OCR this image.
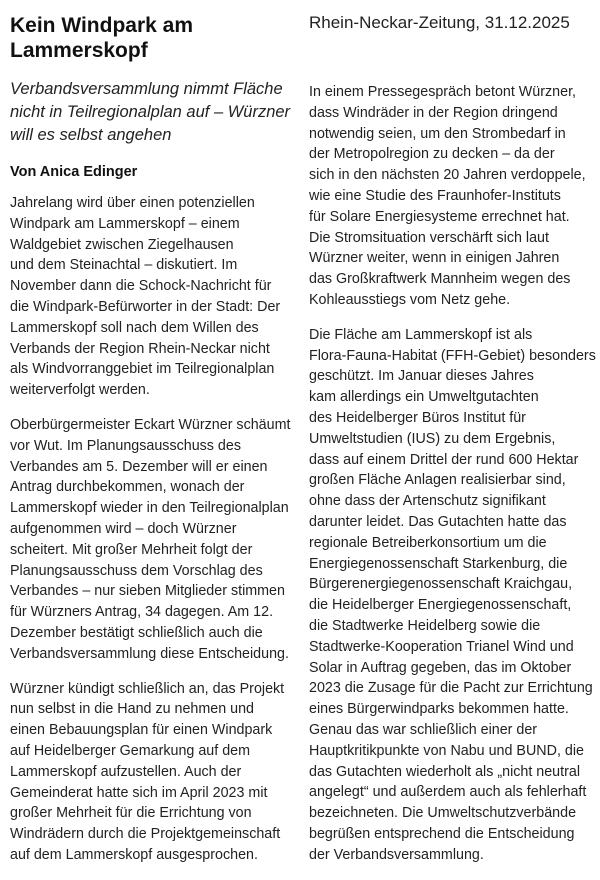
Kein Windpark am
Lammerskopf
Rhein-Neckar-Zeitung, 31.12.2025
Verbandsversammlung nimmt Fläche
nicht in Teilregionalplan auf – Würzner
will es selbst angehen
Von Anica Edinger
Jahrelang wird über einen potenziellen
Windpark am Lammerskopf – einem
Waldgebiet zwischen Ziegelhausen
und dem Steinachtal – diskutiert. Im
November dann die Schock-Nachricht für
die Windpark-Befürworter in der Stadt: Der
Lammerskopf soll nach dem Willen des
Verbands der Region Rhein-Neckar nicht
als Windvorranggebiet im Teilregionalplan
weiterverfolgt werden.
Oberbürgermeister Eckart Würzner schäumt
vor Wut. Im Planungsausschuss des
Verbandes am 5. Dezember will er einen
Antrag durchbekommen, wonach der
Lammerskopf wieder in den Teilregionalplan
aufgenommen wird – doch Würzner
scheitert. Mit großer Mehrheit folgt der
Planungsausschuss dem Vorschlag des
Verbandes – nur sieben Mitglieder stimmen
für Würzners Antrag, 34 dagegen. Am 12.
Dezember bestätigt schließlich auch die
Verbandsversammlung diese Entscheidung.
Würzner kündigt schließlich an, das Projekt
nun selbst in die Hand zu nehmen und
einen Bebauungsplan für einen Windpark
auf Heidelberger Gemarkung auf dem
Lammerskopf aufzustellen. Auch der
Gemeinderat hatte sich im April 2023 mit
großer Mehrheit für die Errichtung von
Windrädern durch die Projektgemeinschaft
auf dem Lammerskopf ausgesprochen.
In einem Pressegespräch betont Würzner,
dass Windräder in der Region dringend
notwendig seien, um den Strombedarf in
der Metropolregion zu decken – da der
sich in den nächsten 20 Jahren verdoppele,
wie eine Studie des Fraunhofer-Instituts
für Solare Energiesysteme errechnet hat.
Die Stromsituation verschärft sich laut
Würzner weiter, wenn in einigen Jahren
das Großkraftwerk Mannheim wegen des
Kohleausstiegs vom Netz gehe.
Die Fläche am Lammerskopf ist als
Flora-Fauna-Habitat (FFH-Gebiet) besonders
geschützt. Im Januar dieses Jahres
kam allerdings ein Umweltgutachten
des Heidelberger Büros Institut für
Umweltstudien (IUS) zu dem Ergebnis,
dass auf einem Drittel der rund 600 Hektar
großen Fläche Anlagen realisierbar sind,
ohne dass der Artenschutz signifikant
darunter leidet. Das Gutachten hatte das
regionale Betreiberkonsortium um die
Energiegenossenschaft Starkenburg, die
Bürgerenergiegenossenschaft Kraichgau,
die Heidelberger Energiegenossenschaft,
die Stadtwerke Heidelberg sowie die
Stadtwerke-Kooperation Trianel Wind und
Solar in Auftrag gegeben, das im Oktober
2023 die Zusage für die Pacht zur Errichtung
eines Bürgerwindparks bekommen hatte.
Genau das war schließlich einer der
Hauptkritikpunkte von Nabu und BUND, die
das Gutachten wiederholt als „nicht neutral
angelegt“ und außerdem auch als fehlerhaft
bezeichneten. Die Umweltschutzverbände
begrüßen entsprechend die Entscheidung
der Verbandsversammlung.
